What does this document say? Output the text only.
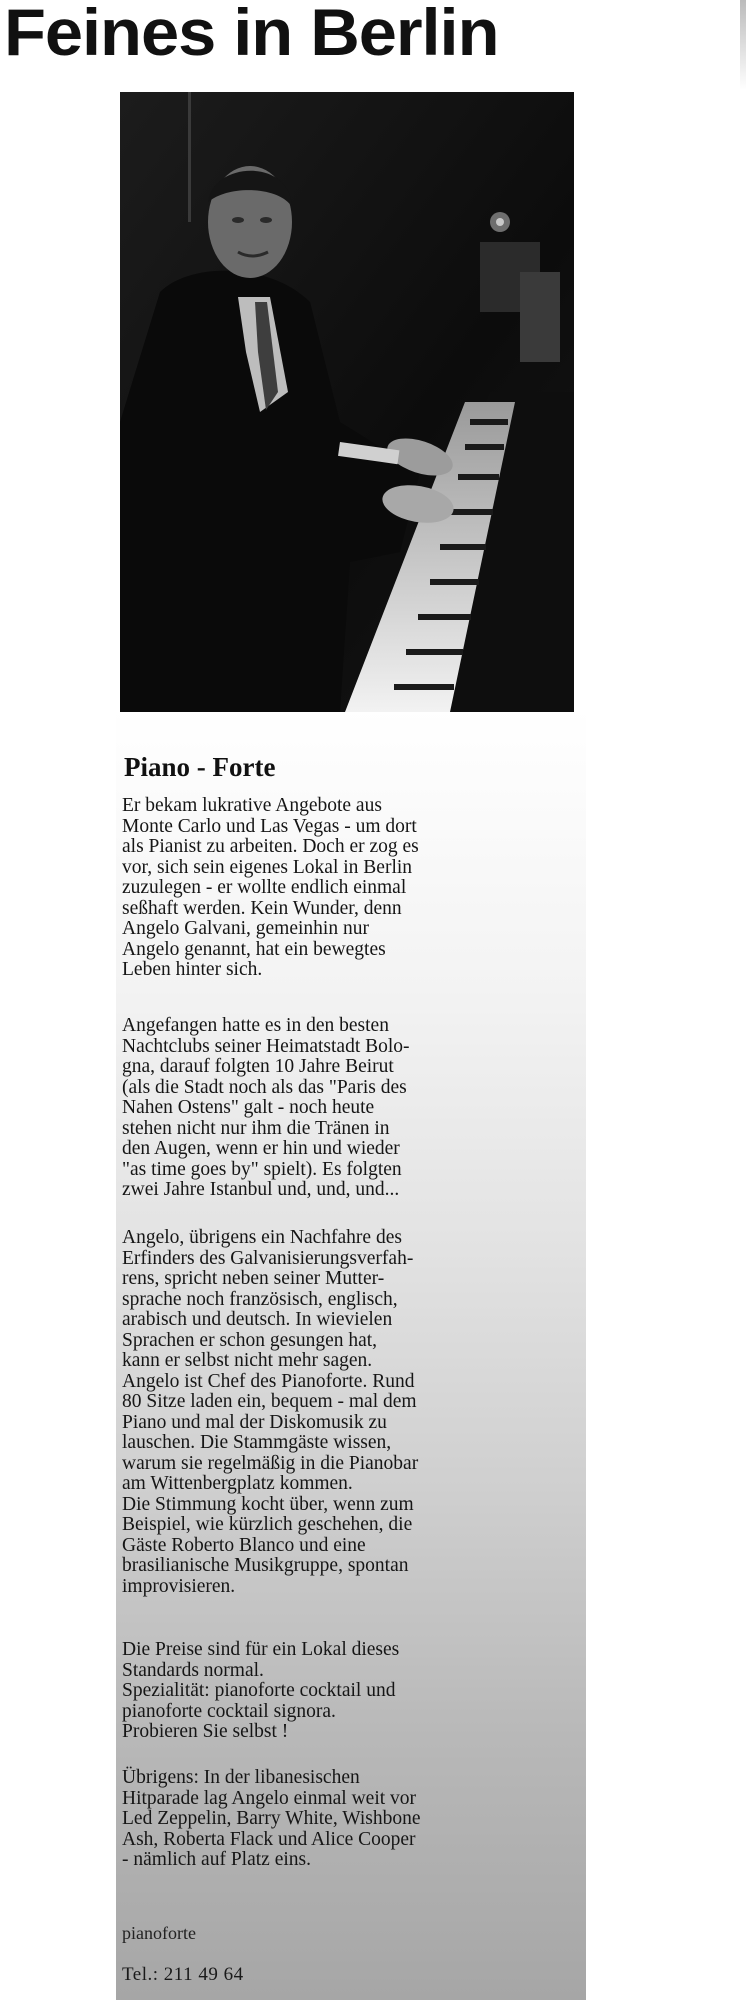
Feines in Berlin
Piano - Forte
Er bekam lukrative Angebote aus
Monte Carlo und Las Vegas - um dort
als Pianist zu arbeiten. Doch er zog es
vor, sich sein eigenes Lokal in Berlin
zuzulegen - er wollte endlich einmal
seßhaft werden. Kein Wunder, denn
Angelo Galvani, gemeinhin nur
Angelo genannt, hat ein bewegtes
Leben hinter sich.
Angefangen hatte es in den besten
Nachtclubs seiner Heimatstadt Bolo-
gna, darauf folgten 10 Jahre Beirut
(als die Stadt noch als das "Paris des
Nahen Ostens" galt - noch heute
stehen nicht nur ihm die Tränen in
den Augen, wenn er hin und wieder
"as time goes by" spielt). Es folgten
zwei Jahre Istanbul und, und, und...
Angelo, übrigens ein Nachfahre des
Erfinders des Galvanisierungsverfah-
rens, spricht neben seiner Mutter-
sprache noch französisch, englisch,
arabisch und deutsch. In wievielen
Sprachen er schon gesungen hat,
kann er selbst nicht mehr sagen.
Angelo ist Chef des Pianoforte. Rund
80 Sitze laden ein, bequem - mal dem
Piano und mal der Diskomusik zu
lauschen. Die Stammgäste wissen,
warum sie regelmäßig in die Pianobar
am Wittenbergplatz kommen.
Die Stimmung kocht über, wenn zum
Beispiel, wie kürzlich geschehen, die
Gäste Roberto Blanco und eine
brasilianische Musikgruppe, spontan
improvisieren.
Die Preise sind für ein Lokal dieses
Standards normal.
Spezialität: pianoforte cocktail und
pianoforte cocktail signora.
Probieren Sie selbst !
Übrigens: In der libanesischen
Hitparade lag Angelo einmal weit vor
Led Zeppelin, Barry White, Wishbone
Ash, Roberta Flack und Alice Cooper
- nämlich auf Platz eins.
pianoforte
Tel.: 211 49 64
